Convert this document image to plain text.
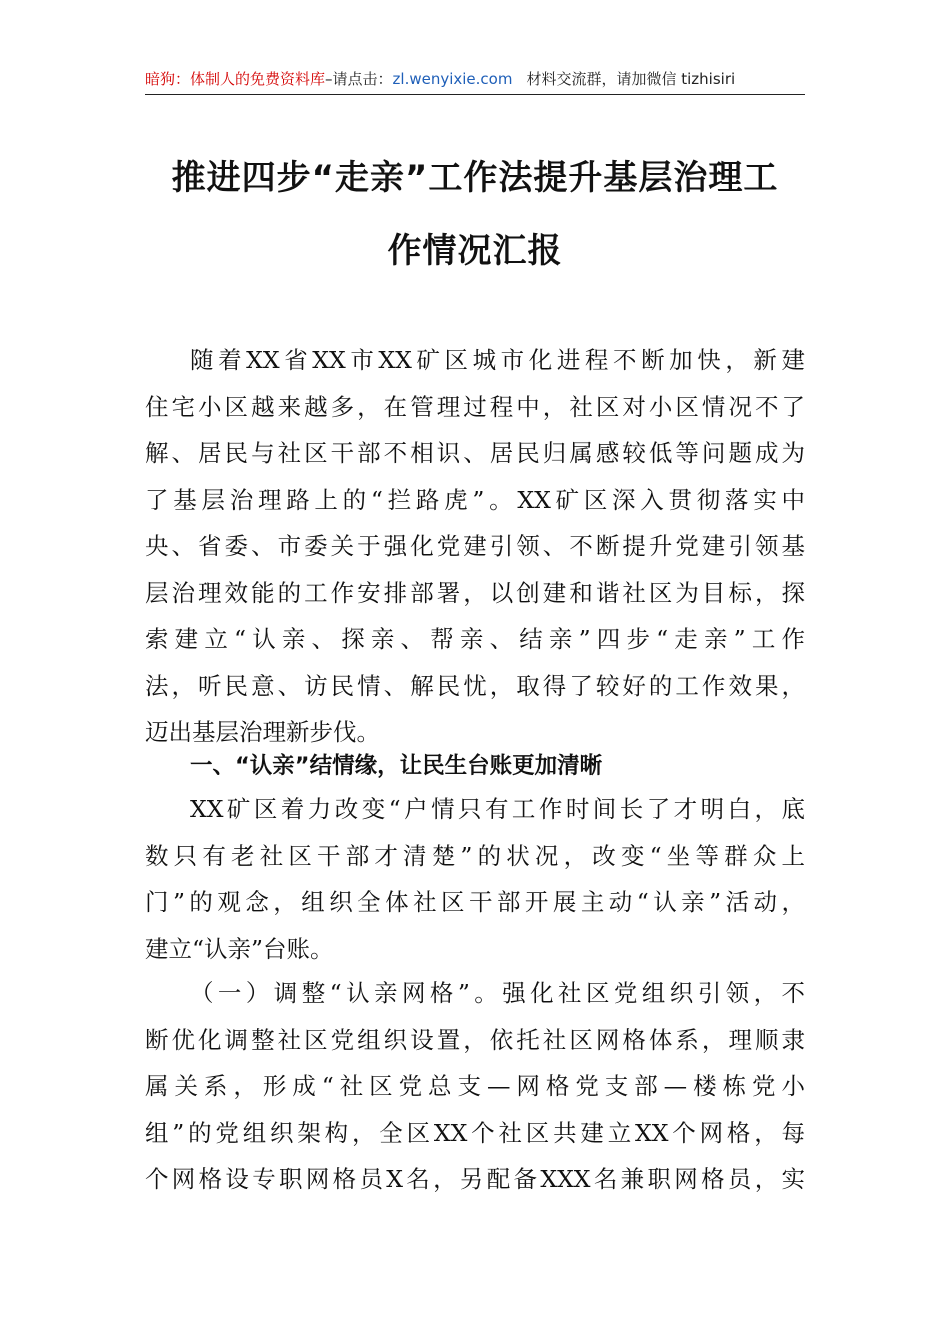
暗狗：体制人的免费资料库–请点击：zl.wenyixie.com 材料交流群，请加微信 tizhisiri
推进四步“走亲”工作法提升基层治理工
作情况汇报
随着XX省XX市XX矿区城市化进程不断加快，新建
住宅小区越来越多，在管理过程中，社区对小区情况不了
解、居民与社区干部不相识、居民归属感较低等问题成为
了基层治理路上的“拦路虎”。XX矿区深入贯彻落实中
央、省委、市委关于强化党建引领、不断提升党建引领基
层治理效能的工作安排部署，以创建和谐社区为目标，探
索建立“认亲、探亲、帮亲、结亲”四步“走亲”工作
法，听民意、访民情、解民忧，取得了较好的工作效果，
迈出基层治理新步伐。
一、“认亲”结情缘，让民生台账更加清晰
XX矿区着力改变“户情只有工作时间长了才明白，底
数只有老社区干部才清楚”的状况，改变“坐等群众上
门”的观念，组织全体社区干部开展主动“认亲”活动，
建立“认亲”台账。
（一）调整“认亲网格”。强化社区党组织引领，不
断优化调整社区党组织设置，依托社区网格体系，理顺隶
属关系，形成“社区党总支—网格党支部—楼栋党小
组”的党组织架构，全区XX个社区共建立XX个网格，每
个网格设专职网格员X名，另配备XXX名兼职网格员，实
